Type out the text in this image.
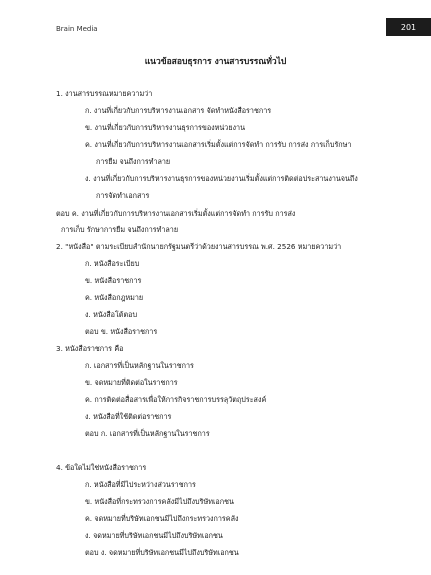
Brain Media	201
แนวข้อสอบธุรการ งานสารบรรณทั่วไป
1. งานสารบรรณหมายความว่า
ก. งานที่เกี่ยวกับการบริหารงานเอกสาร จัดทำหนังสือราชการ
ข. งานที่เกี่ยวกับการบริหารงานธุรการของหน่วยงาน
ค. งานที่เกี่ยวกับการบริหารงานเอกสารเริ่มตั้งแต่การจัดทำ การรับ การส่ง การเก็บรักษา
การยืม จนถึงการทำลาย
ง. งานที่เกี่ยวกับการบริหารงานธุรการของหน่วยงานเริ่มตั้งแต่การติดต่อประสานงานจนถึง
การจัดทำเอกสาร
ตอบ ค. งานที่เกี่ยวกับการบริหารงานเอกสารเริ่มตั้งแต่การจัดทำ การรับ การส่ง
การเก็บ รักษาการยืม จนถึงการทำลาย
2. "หนังสือ" ตามระเบียบสำนักนายกรัฐมนตรีว่าด้วยงานสารบรรณ พ.ศ. 2526 หมายความว่า
ก. หนังสือระเบียบ
ข. หนังสือราชการ
ค. หนังสือกฎหมาย
ง. หนังสือโต้ตอบ
ตอบ ข. หนังสือราชการ
3. หนังสือราชการ คือ
ก. เอกสารที่เป็นหลักฐานในราชการ
ข. จดหมายที่ติดต่อในราชการ
ค. การติดต่อสื่อสารเพื่อให้การกิจราชการบรรลุวัตถุประสงค์
ง. หนังสือที่ใช้ติดต่อราชการ
ตอบ ก. เอกสารที่เป็นหลักฐานในราชการ
4. ข้อใดไม่ใช่หนังสือราชการ
ก. หนังสือที่มีไประหว่างส่วนราชการ
ข. หนังสือที่กระทรวงการคลังมีไปถึงบริษัทเอกชน
ค. จดหมายที่บริษัทเอกชนมีไปถึงกระทรวงการคลัง
ง. จดหมายที่บริษัทเอกชนมีไปถึงบริษัทเอกชน
ตอบ ง. จดหมายที่บริษัทเอกชนมีไปถึงบริษัทเอกชน
